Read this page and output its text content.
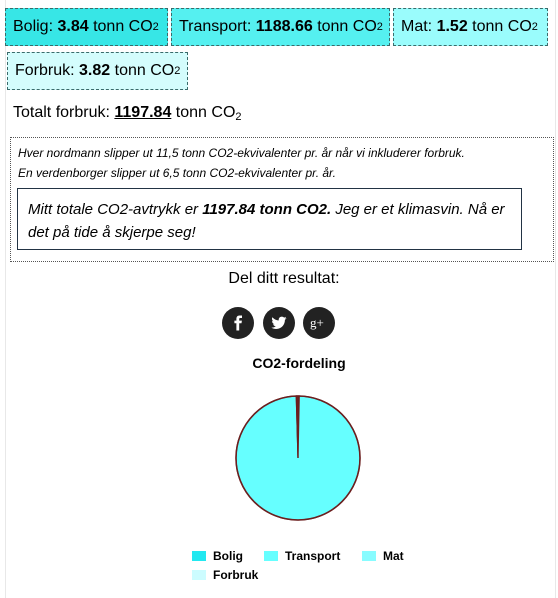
Bolig:
3.84
tonn CO 2 Transport:
1188.66
tonn CO 2 Mat:
1.52
tonn CO 2
Forbruk:
3.82
tonn CO 2
Totalt forbruk: 1197.84 tonn $CO_2$
Hver nordmann slipper ut 11,5 tonn CO2-ekvivalenter pr. år når vi inkluderer forbruk.
En verdenborger slipper ut 6,5 tonn CO2-ekvivalenter pr. år.
Mitt totale CO2-avtrykk er 1197.84 tonn CO2. Jeg er et klimasvin. Nå er det på tide å skjerpe seg!
Del ditt resultat:
g+
CO2-fordeling
Bolig	Transport	Mat
Forbruk
